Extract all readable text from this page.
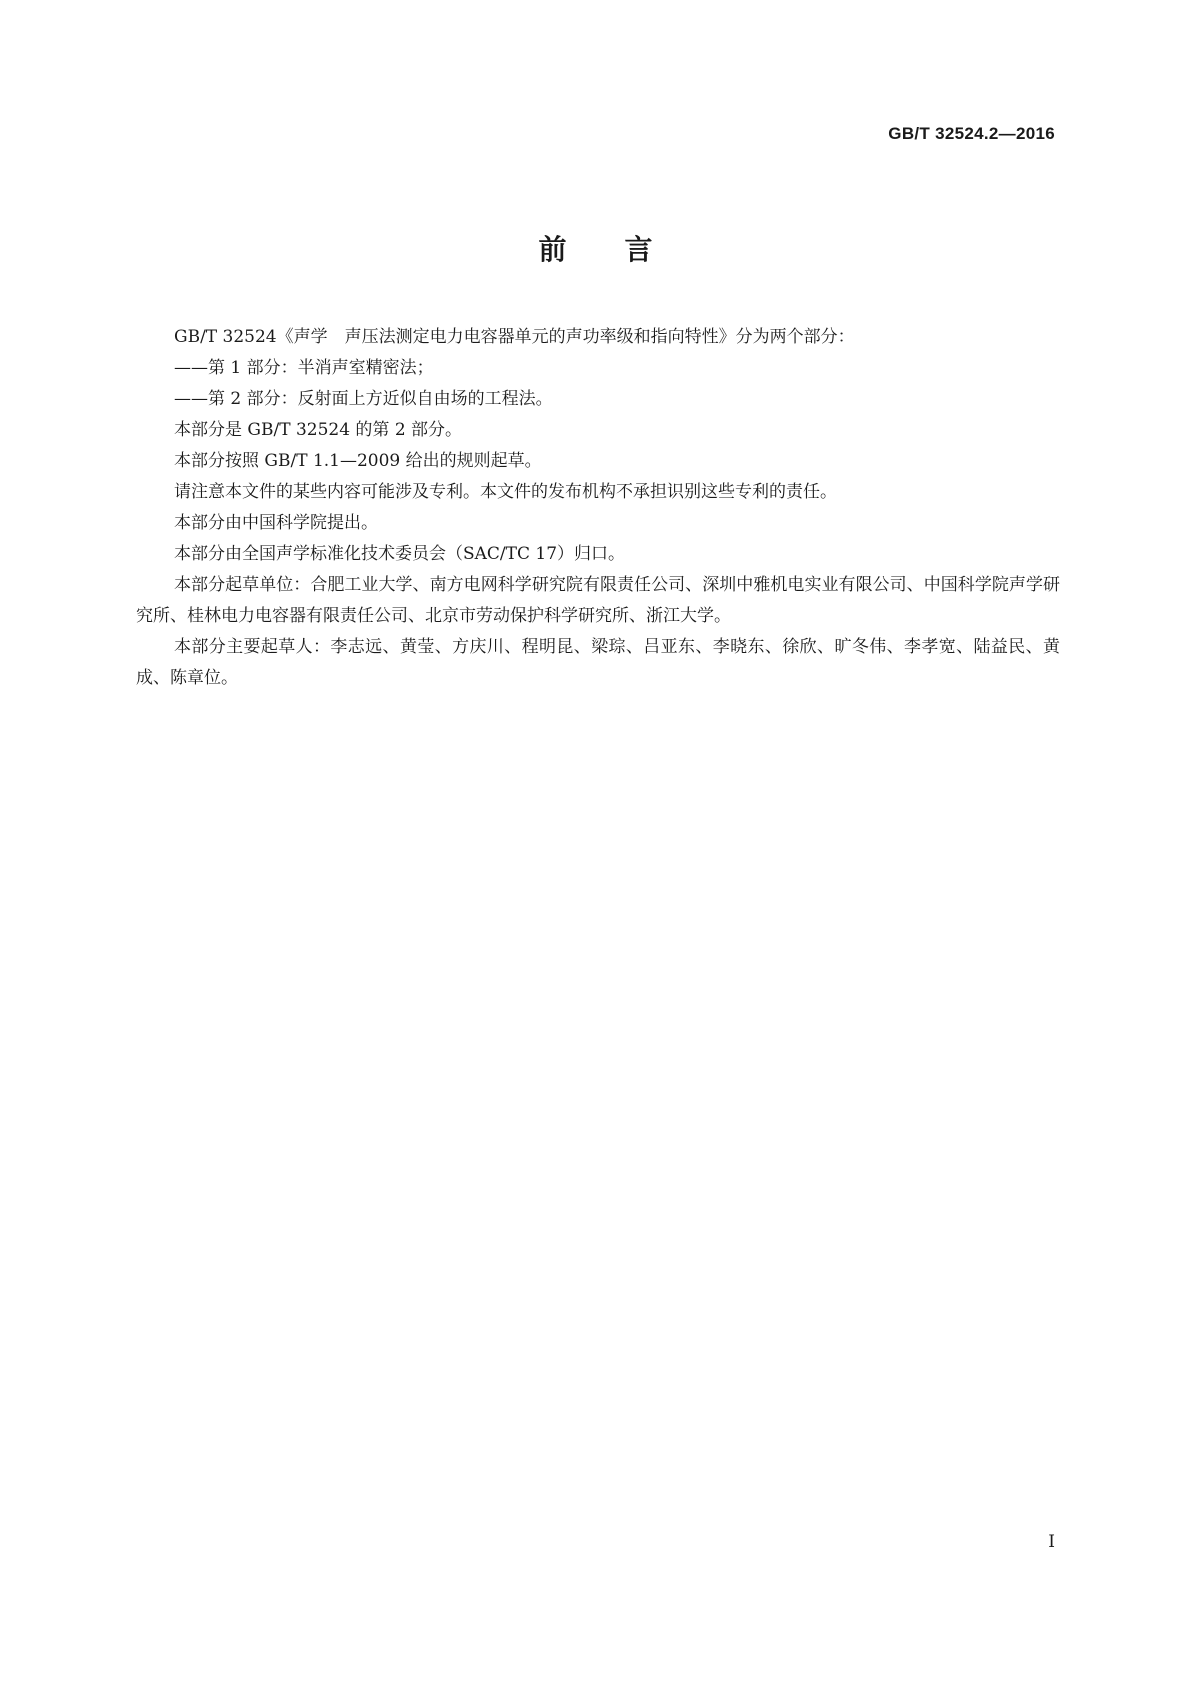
GB/T 32524.2—2016
前言

GB/T 32524《声学　声压法测定电力电容器单元的声功率级和指向特性》分为两个部分：

——第 1 部分：半消声室精密法；

——第 2 部分：反射面上方近似自由场的工程法。

本部分是 GB/T 32524 的第 2 部分。

本部分按照 GB/T 1.1—2009 给出的规则起草。

请注意本文件的某些内容可能涉及专利。本文件的发布机构不承担识别这些专利的责任。

本部分由中国科学院提出。

本部分由全国声学标准化技术委员会（SAC/TC 17）归口。

本部分起草单位：合肥工业大学、南方电网科学研究院有限责任公司、深圳中雅机电实业有限公司、中国科学院声学研究所、桂林电力电容器有限责任公司、北京市劳动保护科学研究所、浙江大学。

本部分主要起草人：李志远、黄莹、方庆川、程明昆、梁琮、吕亚东、李晓东、徐欣、旷冬伟、李孝宽、陆益民、黄成、陈章位。

I
